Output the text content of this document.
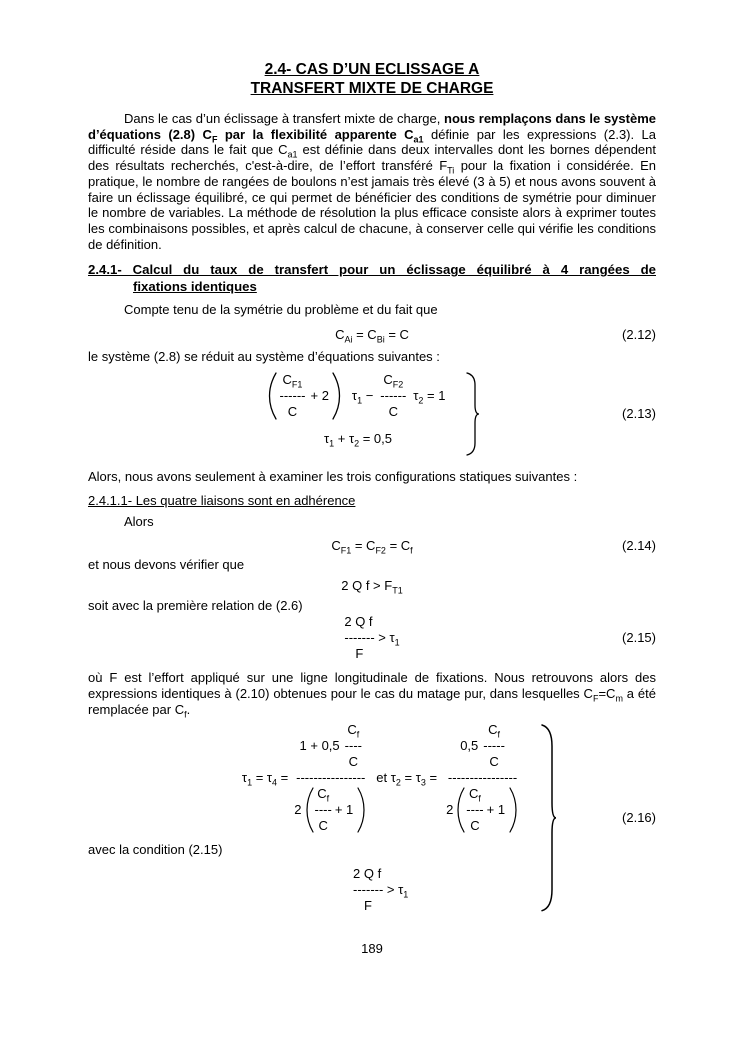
2.4- CAS D’UN ECLISSAGE A
TRANSFERT MIXTE DE CHARGE

Dans le cas d’un éclissage à transfert mixte de charge, nous remplaçons dans le système d’équations (2.8) $C_F$ par la flexibilité apparente $C_{a1}$ définie par les expressions (2.3). La difficulté réside dans le fait que $C_{a1}$ est définie dans deux intervalles dont les bornes dépendent des résultats recherchés, c'est-à-dire, de l’effort transféré $F_{Ti}$ pour la fixation i considérée. En pratique, le nombre de rangées de boulons n’est jamais très élevé (3 à 5) et nous avons souvent à faire un éclissage équilibré, ce qui permet de bénéficier des conditions de symétrie pour diminuer le nombre de variables. La méthode de résolution la plus efficace consiste alors à exprimer toutes les combinaisons possibles, et après calcul de chacune, à conserver celle qui vérifie les conditions de définition.

2.4.1- Calcul du taux de transfert pour un éclissage équilibré à 4 rangées de
fixations identiques
Compte tenu de la symétrie du problème et du fait que
$C_{Ai} = C_{Bi} = C$	(2.12)
le système (2.8) se réduit au système d’équations suivantes :
$C_{F1}$
------
C
+ 2 $\tau_1$ −
$C_{F2}$
------
C
$\tau_2 = 1$
$\tau_1 + \tau_2 = 0,5$
(2.13)
Alors, nous avons seulement à examiner les trois configurations statiques suivantes :
2.4.1.1- Les quatre liaisons sont en adhérence
Alors
$C_{F1} = C_{F2} = C_f$	(2.14)
et nous devons vérifier que
2 Q $f > F_{T1}$
soit avec la première relation de (2.6)
2 Q f
------- > $\tau_1$
F
(2.15)

où F est l’effort appliqué sur une ligne longitudinale de fixations. Nous retrouvons alors des expressions identiques à (2.10) obtenues pour le cas du matage pur, dans lesquelles $C_F=C_m$ a été remplacée par $C_f$.

$\tau_1 = \tau_4$ =
1 + 0,5
$C_f$
----
C
----------------
2
$C_f$
----
C
+ 1
et $\tau_2 = \tau_3$ =
0,5
$C_f$
-----
C
----------------
2
$C_f$
----
C
+ 1
avec la condition (2.15)
2 Q f
------- > $\tau_1$
F
(2.16)
189
